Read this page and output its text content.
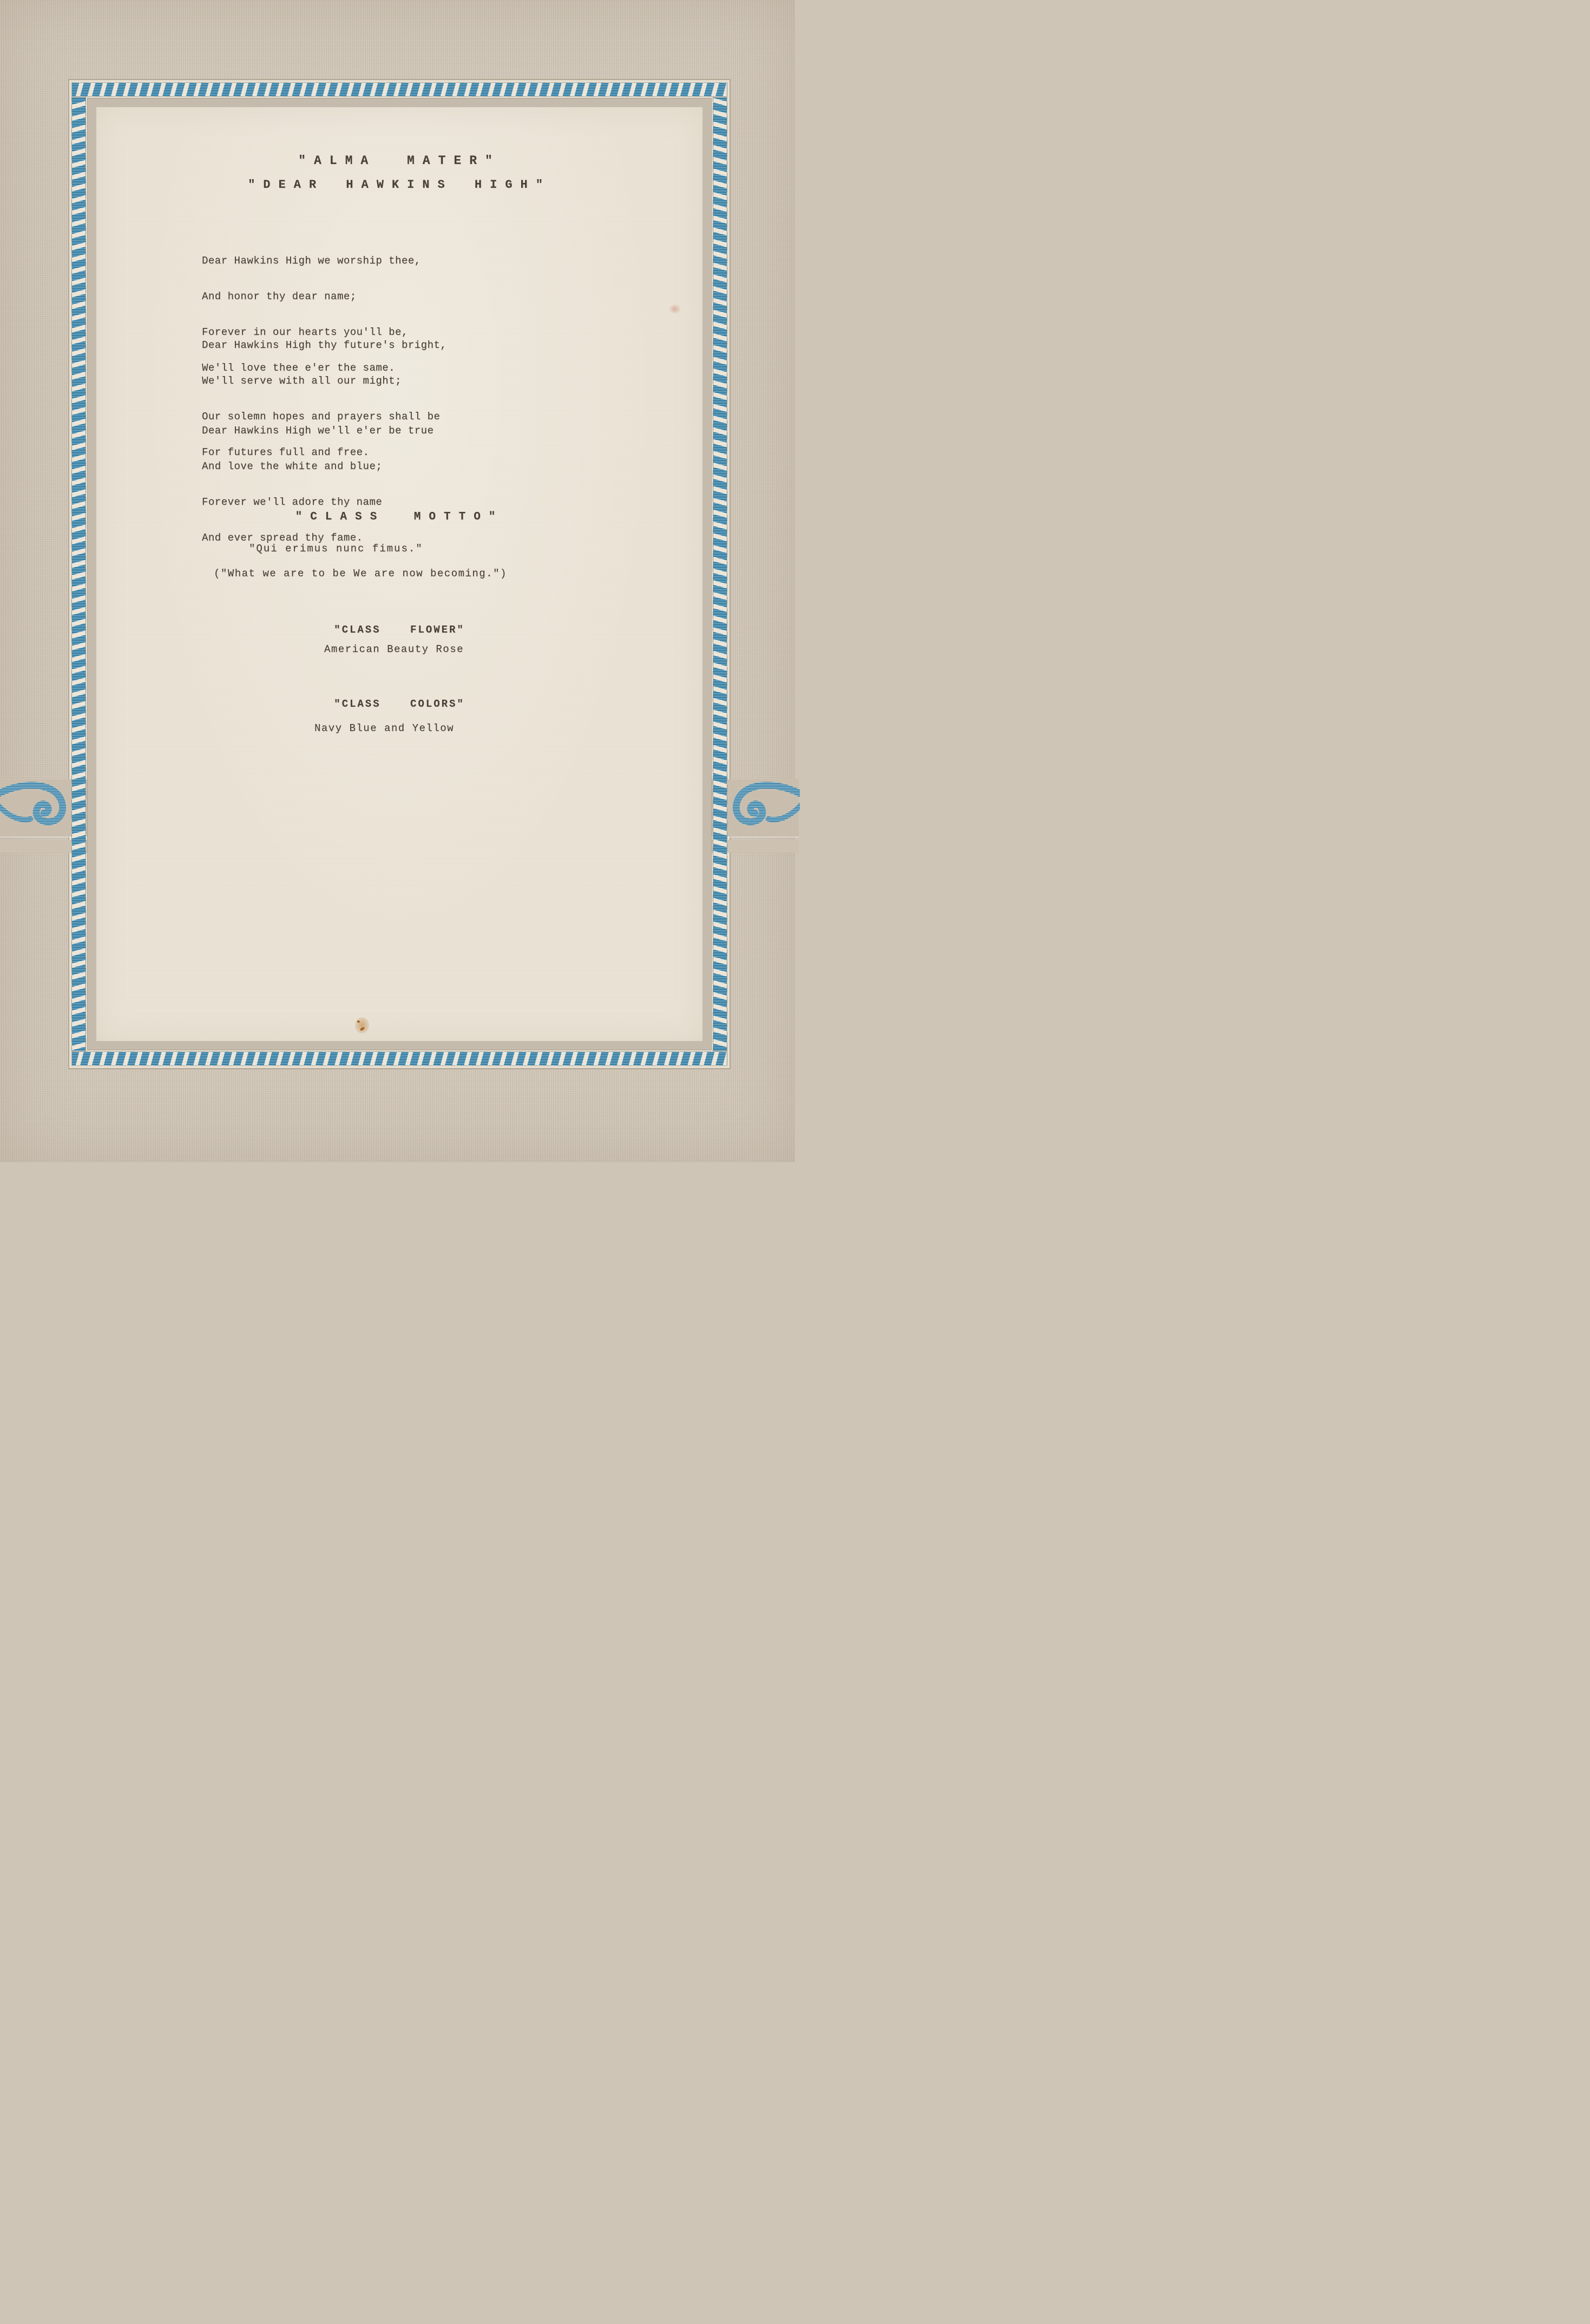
"ALMA MATER"
"DEAR HAWKINS HIGH"

Dear Hawkins High we worship thee,

And honor thy dear name;

Forever in our hearts you'll be,

We'll love thee e'er the same.

Dear Hawkins High thy future's bright,

We'll serve with all our might;

Our solemn hopes and prayers shall be

For futures full and free.

Dear Hawkins High we'll e'er be true

And love the white and blue;

Forever we'll adore thy name

And ever spread thy fame.

"CLASS MOTTO"
"Qui erimus nunc fimus."
("What we are to be We are now becoming.")
"CLASS FLOWER"
American Beauty Rose
"CLASS COLORS"
Navy Blue and Yellow
